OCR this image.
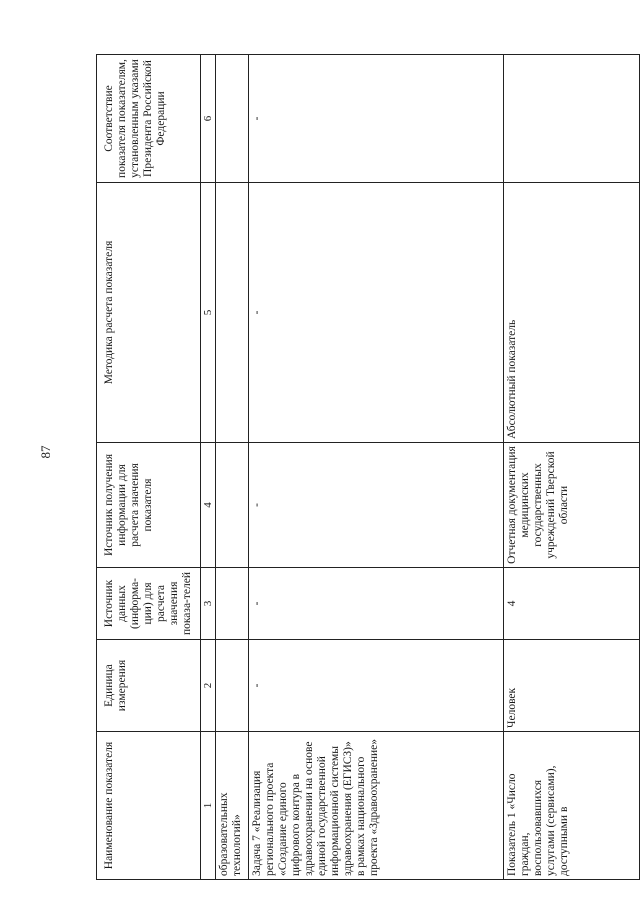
87
Наименование показателя	Единица измерения	Источник данных (информа-ции) для расчета значения показа-телей	Источник получения информации для расчета значения показателя	Методика расчета показателя	Соответствие показателя показателям, установленным указами Президента Российской Федерации
1	2	3	4	5	6
образовательных технологий»					
Задача 7 «Реализация регионального проекта «Создание единого цифрового контура в здравоохранении на основе единой государственной информационной системы здравоохранения (ЕГИСЗ)» в рамках национального проекта «Здравоохранение»	-	-	-	-	-
Показатель 1 «Число граждан, воспользовавшихся услугами (сервисами), доступными в	Человек	4	Отчетная документация медицинских государственных учреждений Тверской области	Абсолютный показатель	
